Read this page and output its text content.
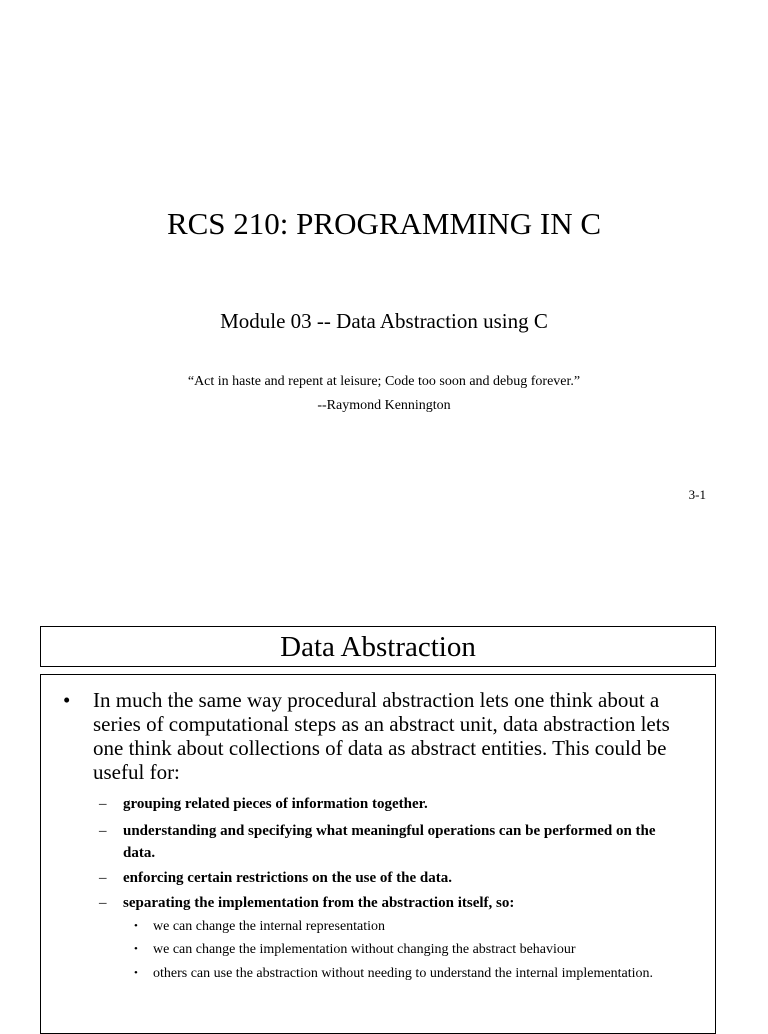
RCS 210: PROGRAMMING IN C
Module 03 -- Data Abstraction using C
“Act in haste and repent at leisure; Code too soon and debug forever.”
--Raymond Kennington
3-1
Data Abstraction
• In much the same way procedural abstraction lets one think about a series of computational steps as an abstract unit, data abstraction lets one think about collections of data as abstract entities. This could be useful for:
– grouping related pieces of information together.
– understanding and specifying what meaningful operations can be performed on the data.
– enforcing certain restrictions on the use of the data.
– separating the implementation from the abstraction itself, so:
• we can change the internal representation
• we can change the implementation without changing the abstract behaviour
• others can use the abstraction without needing to understand the internal implementation.
